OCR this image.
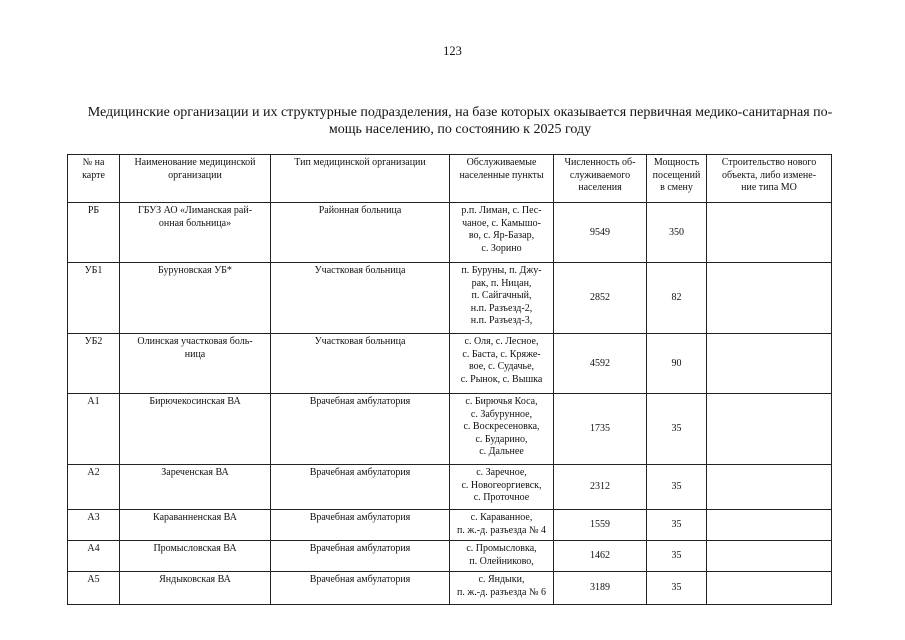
123
Медицинские организации и их структурные подразделения, на базе которых оказывается первичная медико-санитарная по-
мощь населению, по состоянию к 2025 году
№ на
карте	Наименование медицинской
организации	Тип медицинской организации	Обслуживаемые
населенные пункты	Численность об-
служиваемого
населения	Мощность
посещений
в смену	Строительство нового
объекта, либо измене-
ние типа МО

РБ	ГБУЗ АО «Лиманская рай-
онная больница»	Районная больница	р.п. Лиман, с. Пес-
чаное, с. Камышо-
во, с. Яр-Базар,
с. Зорино	9549	350	
УБ1	Буруновская УБ*	Участковая больница	п. Буруны, п. Джу-
рак, п. Ницан,
п. Сайгачный,
н.п. Разъезд-2,
н.п. Разъезд-3,	2852	82	
УБ2	Олинская участковая боль-
ница	Участковая больница	с. Оля, с. Лесное,
с. Баста, с. Кряже-
вое, с. Судачье,
с. Рынок, с. Вышка	4592	90	
А1	Бирючекосинская ВА	Врачебная амбулатория	с. Бирючья Коса,
с. Забурунное,
с. Воскресеновка,
с. Бударино,
с. Дальнее	1735	35	
А2	Зареченская ВА	Врачебная амбулатория	с. Заречное,
с. Новогеоргиевск,
с. Проточное	2312	35	
А3	Караванненская ВА	Врачебная амбулатория	с. Караванное,
п. ж.-д. разъезда № 4	1559	35	
А4	Промысловская ВА	Врачебная амбулатория	с. Промысловка,
п. Олейниково,	1462	35	
А5	Яндыковская ВА	Врачебная амбулатория	с. Яндыки,
п. ж.-д. разъезда № 6	3189	35	
